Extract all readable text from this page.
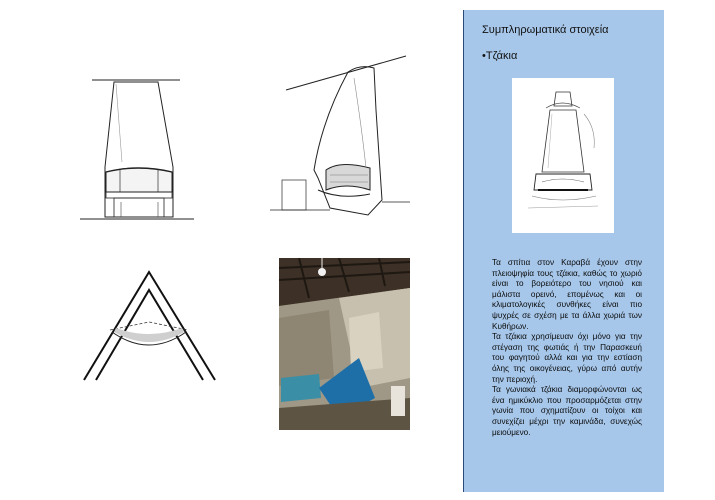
Συμπληρωματικά στοιχεία
•Τζάκια

Τα σπίτια στον Καραβά έχουν στην πλειοψηφία τους τζάκια, καθώς το χωριό είναι το βορειότερο του νησιού και μάλιστα ορεινό, επομένως και οι κλιματολογικές συνθήκες είναι πιο ψυχρές σε σχέση με τα άλλα χωριά των Κυθήρων.

Τα τζάκια χρησίμευαν όχι μόνο για την στέγαση της φωτιάς ή την Παρασκευή του φαγητού αλλά και για την εστίαση όλης της οικογένειας, γύρω από αυτήν την περιοχή.

Τα γωνιακά τζάκια διαμορφώνονται ως ένα ημικύκλιο που προσαρμόζεται στην γωνία που σχηματίζουν οι τοίχοι και συνεχίζει μέχρι την καμινάδα, συνεχώς μειούμενο.
